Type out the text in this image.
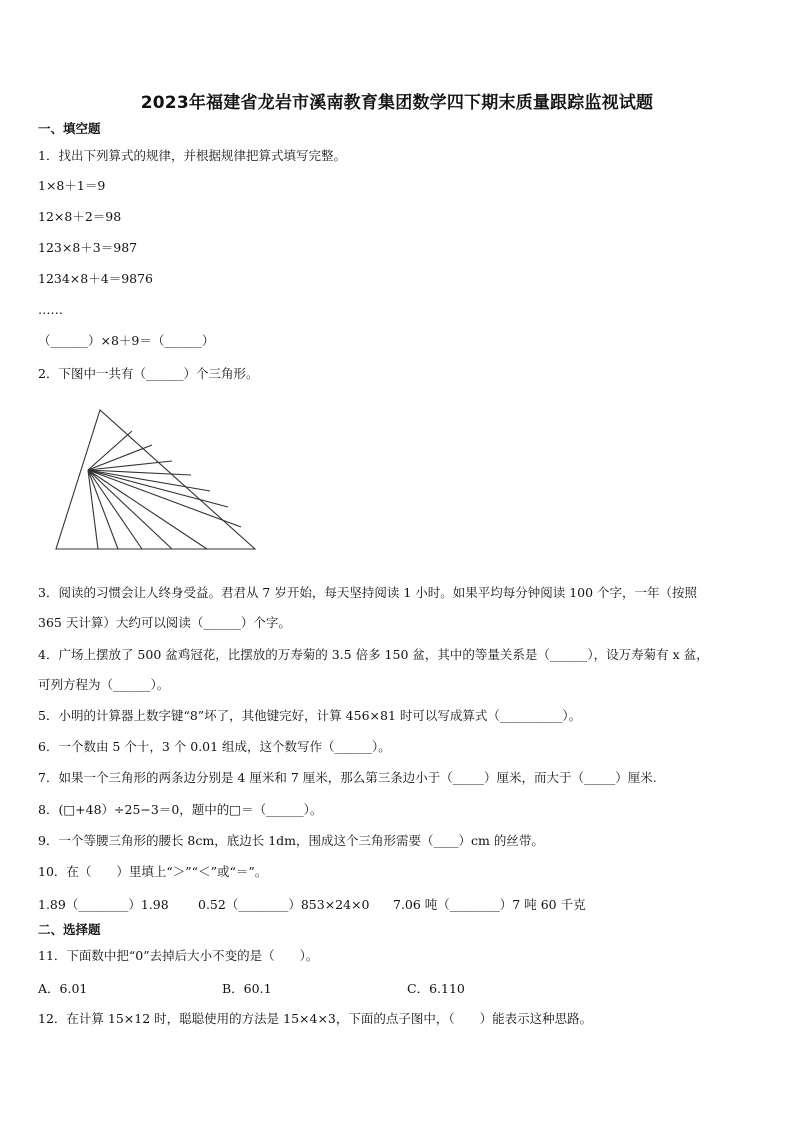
2023年福建省龙岩市溪南教育集团数学四下期末质量跟踪监视试题
一、填空题
1．找出下列算式的规律，并根据规律把算式填写完整。
1×8＋1＝9
12×8＋2＝98
123×8＋3＝987
1234×8＋4＝9876
……
（______）×8＋9＝（______）
2．下图中一共有（______）个三角形。
3．阅读的习惯会让人终身受益。君君从 7 岁开始，每天坚持阅读 1 小时。如果平均每分钟阅读 100 个字，一年（按照
365 天计算）大约可以阅读（______）个字。
4．广场上摆放了 500 盆鸡冠花，比摆放的万寿菊的 3.5 倍多 150 盆，其中的等量关系是（______），设万寿菊有 x 盆，
可列方程为（______）。
5．小明的计算器上数字键“8”坏了，其他键完好，计算 456×81 时可以写成算式（__________）。
6．一个数由 5 个十，3 个 0.01 组成，这个数写作（______）。
7．如果一个三角形的两条边分别是 4 厘米和 7 厘米，那么第三条边小于（_____）厘米，而大于（_____）厘米.
8．(□+48）÷25−3＝0，题中的□＝（______）。
9．一个等腰三角形的腰长 8cm，底边长 1dm，围成这个三角形需要（____）cm 的丝带。
10．在（　　）里填上“＞”“＜”或“＝”。
1.89（________）1.98 0.52（________）853×24×0 7.06 吨（________）7 吨 60 千克
二、选择题
11．下面数中把“0”去掉后大小不变的是（　　）。
A．6.01	B．60.1	C．6.110
12．在计算 15×12 时，聪聪使用的方法是 15×4×3，下面的点子图中，（　　）能表示这种思路。
